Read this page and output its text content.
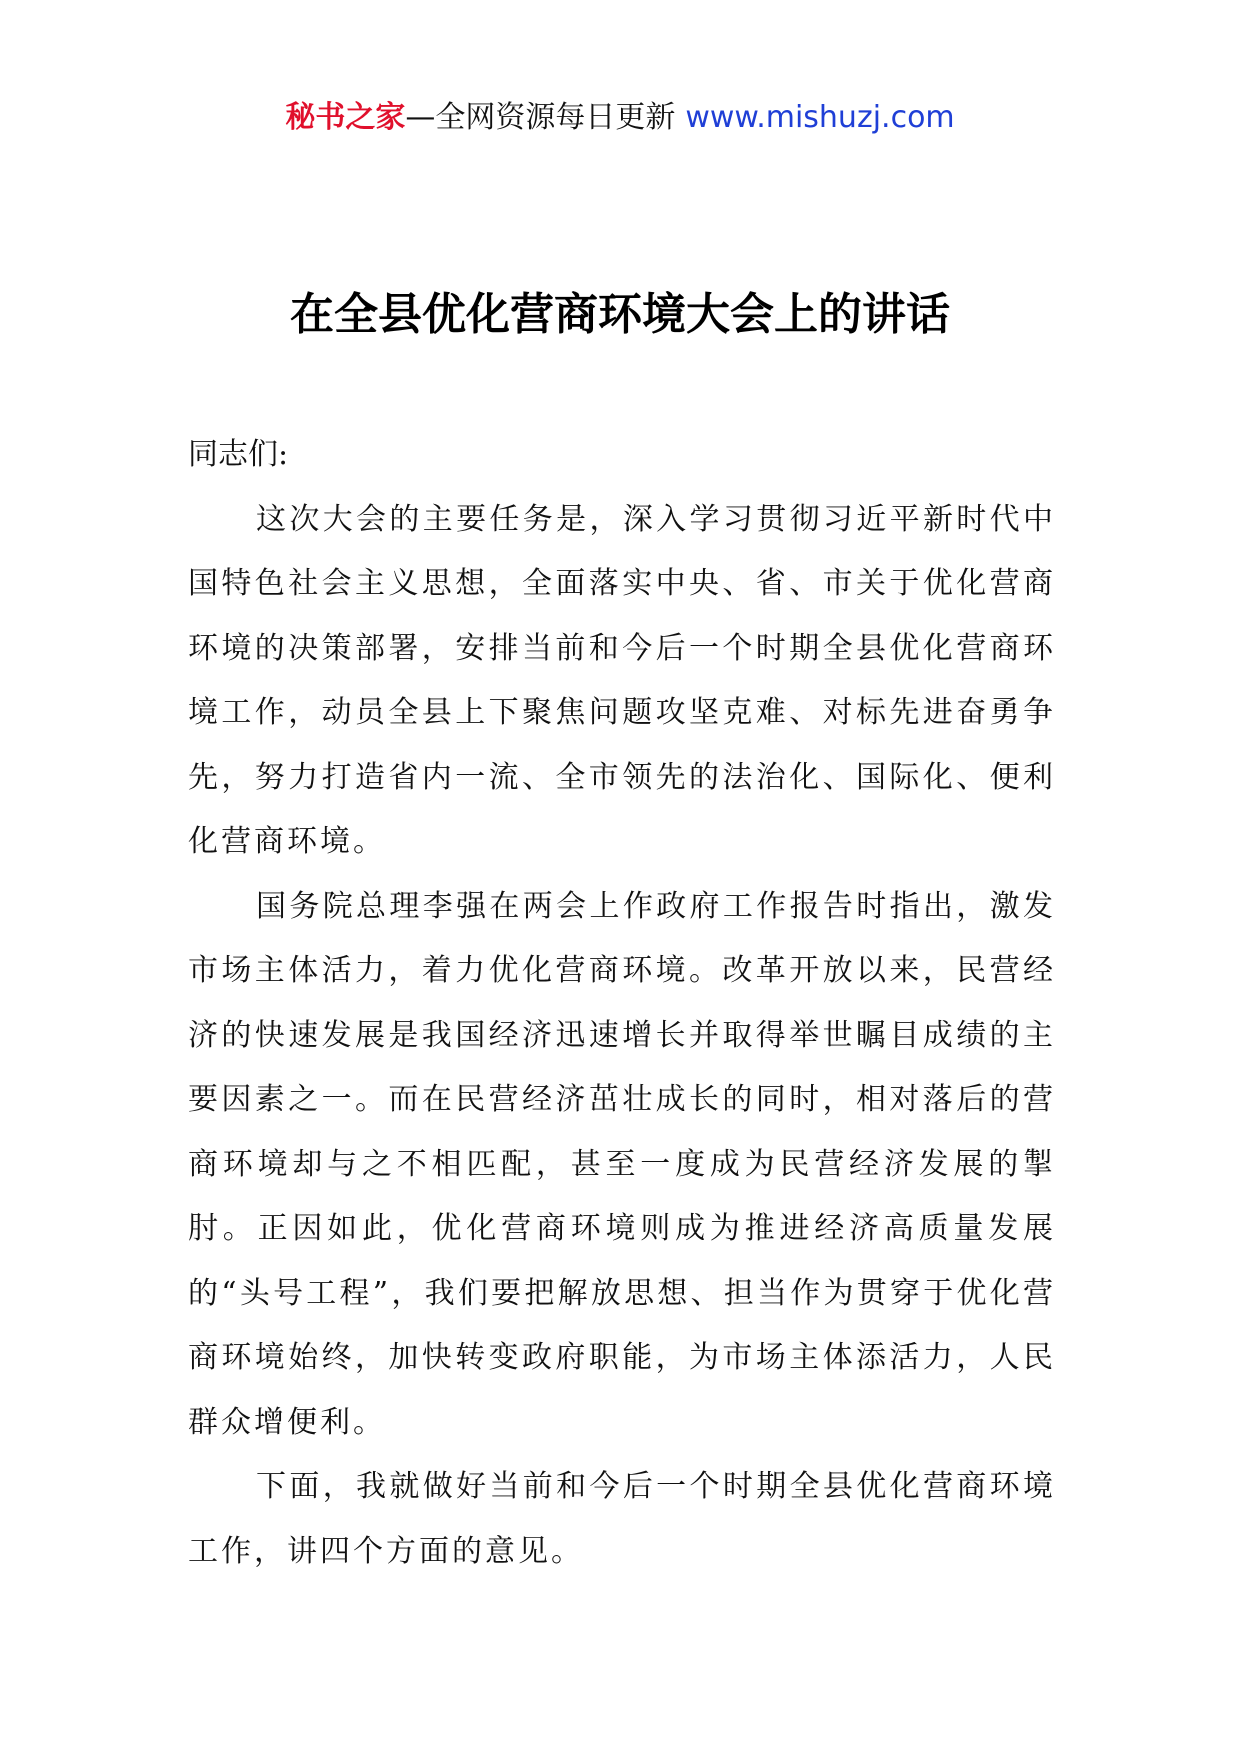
秘书之家—全网资源每日更新 www.mishuzj.com
在全县优化营商环境大会上的讲话

同志们:

这次大会的主要任务是，深入学习贯彻习近平新时代中国特色社会主义思想，全面落实中央、省、市关于优化营商环境的决策部署，安排当前和今后一个时期全县优化营商环境工作，动员全县上下聚焦问题攻坚克难、对标先进奋勇争先，努力打造省内一流、全市领先的法治化、国际化、便利化营商环境。

国务院总理李强在两会上作政府工作报告时指出，激发市场主体活力，着力优化营商环境。改革开放以来，民营经济的快速发展是我国经济迅速增长并取得举世瞩目成绩的主要因素之一。而在民营经济茁壮成长的同时，相对落后的营商环境却与之不相匹配，甚至一度成为民营经济发展的掣肘。正因如此，优化营商环境则成为推进经济高质量发展的“头号工程”，我们要把解放思想、担当作为贯穿于优化营商环境始终，加快转变政府职能，为市场主体添活力，人民群众增便利。

下面，我就做好当前和今后一个时期全县优化营商环境工作，讲四个方面的意见。
